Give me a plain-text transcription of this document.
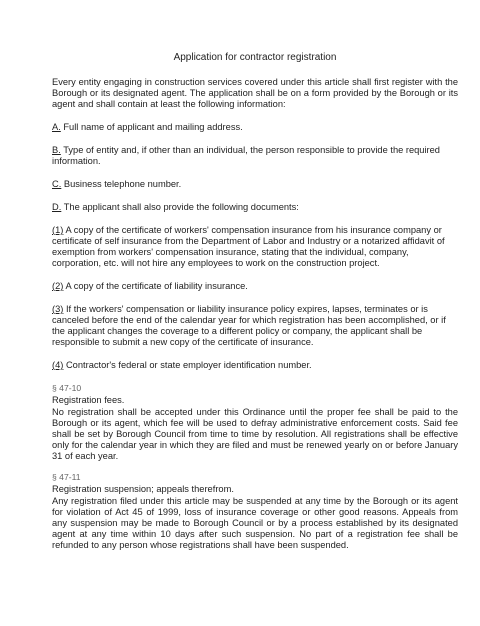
Application for contractor registration

Every entity engaging in construction services covered under this article shall first register with the Borough or its designated agent. The application shall be on a form provided by the Borough or its agent and shall contain at least the following information:

A. Full name of applicant and mailing address.

B. Type of entity and, if other than an individual, the person responsible to provide the required information.

C. Business telephone number.

D. The applicant shall also provide the following documents:

(1) A copy of the certificate of workers' compensation insurance from his insurance company or certificate of self insurance from the Department of Labor and Industry or a notarized affidavit of exemption from workers' compensation insurance, stating that the individual, company, corporation, etc. will not hire any employees to work on the construction project.

(2) A copy of the certificate of liability insurance.

(3) If the workers' compensation or liability insurance policy expires, lapses, terminates or is canceled before the end of the calendar year for which registration has been accomplished, or if the applicant changes the coverage to a different policy or company, the applicant shall be responsible to submit a new copy of the certificate of insurance.

(4) Contractor's federal or state employer identification number.

§ 47-10
Registration fees.
No registration shall be accepted under this Ordinance until the proper fee shall be paid to the Borough or its agent, which fee will be used to defray administrative enforcement costs. Said fee shall be set by Borough Council from time to time by resolution. All registrations shall be effective only for the calendar year in which they are filed and must be renewed yearly on or before January 31 of each year.
§ 47-11
Registration suspension; appeals therefrom.
Any registration filed under this article may be suspended at any time by the Borough or its agent for violation of Act 45 of 1999, loss of insurance coverage or other good reasons. Appeals from any suspension may be made to Borough Council or by a process established by its designated agent at any time within 10 days after such suspension. No part of a registration fee shall be refunded to any person whose registrations shall have been suspended.
